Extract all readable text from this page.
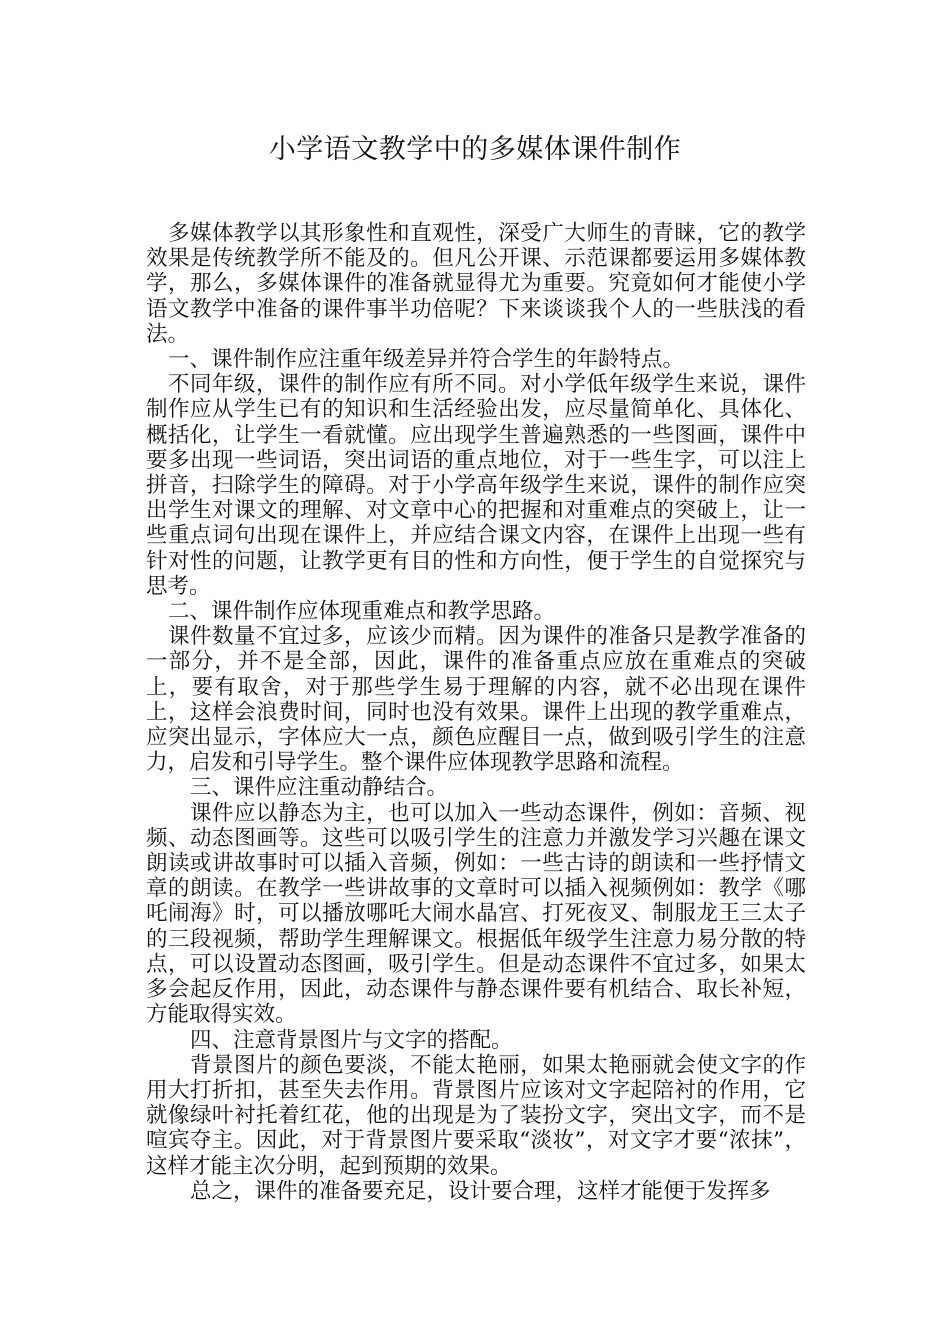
小学语文教学中的多媒体课件制作

多媒体教学以其形象性和直观性，深受广大师生的青睐，它的教学效果是传统教学所不能及的。但凡公开课、示范课都要运用多媒体教学，那么，多媒体课件的准备就显得尤为重要。究竟如何才能使小学语文教学中准备的课件事半功倍呢？下来谈谈我个人的一些肤浅的看法。

一、课件制作应注重年级差异并符合学生的年龄特点。

不同年级，课件的制作应有所不同。对小学低年级学生来说，课件制作应从学生已有的知识和生活经验出发，应尽量简单化、具体化、概括化，让学生一看就懂。应出现学生普遍熟悉的一些图画，课件中要多出现一些词语，突出词语的重点地位，对于一些生字，可以注上拼音，扫除学生的障碍。对于小学高年级学生来说，课件的制作应突出学生对课文的理解、对文章中心的把握和对重难点的突破上，让一些重点词句出现在课件上，并应结合课文内容，在课件上出现一些有针对性的问题，让教学更有目的性和方向性，便于学生的自觉探究与思考。

二、课件制作应体现重难点和教学思路。

课件数量不宜过多，应该少而精。因为课件的准备只是教学准备的一部分，并不是全部，因此，课件的准备重点应放在重难点的突破上，要有取舍，对于那些学生易于理解的内容，就不必出现在课件上，这样会浪费时间，同时也没有效果。课件上出现的教学重难点，应突出显示，字体应大一点，颜色应醒目一点，做到吸引学生的注意力，启发和引导学生。整个课件应体现教学思路和流程。

三、课件应注重动静结合。

课件应以静态为主，也可以加入一些动态课件，例如：音频、视频、动态图画等。这些可以吸引学生的注意力并激发学习兴趣在课文朗读或讲故事时可以插入音频，例如：一些古诗的朗读和一些抒情文章的朗读。在教学一些讲故事的文章时可以插入视频例如：教学《哪吒闹海》时，可以播放哪吒大闹水晶宫、打死夜叉、制服龙王三太子的三段视频，帮助学生理解课文。根据低年级学生注意力易分散的特点，可以设置动态图画，吸引学生。但是动态课件不宜过多，如果太多会起反作用，因此，动态课件与静态课件要有机结合、取长补短，方能取得实效。

四、注意背景图片与文字的搭配。

背景图片的颜色要淡，不能太艳丽，如果太艳丽就会使文字的作用大打折扣，甚至失去作用。背景图片应该对文字起陪衬的作用，它就像绿叶衬托着红花，他的出现是为了装扮文字，突出文字，而不是喧宾夺主。因此，对于背景图片要采取“淡妆”，对文字才要“浓抹”，这样才能主次分明，起到预期的效果。

总之，课件的准备要充足，设计要合理，这样才能便于发挥多
